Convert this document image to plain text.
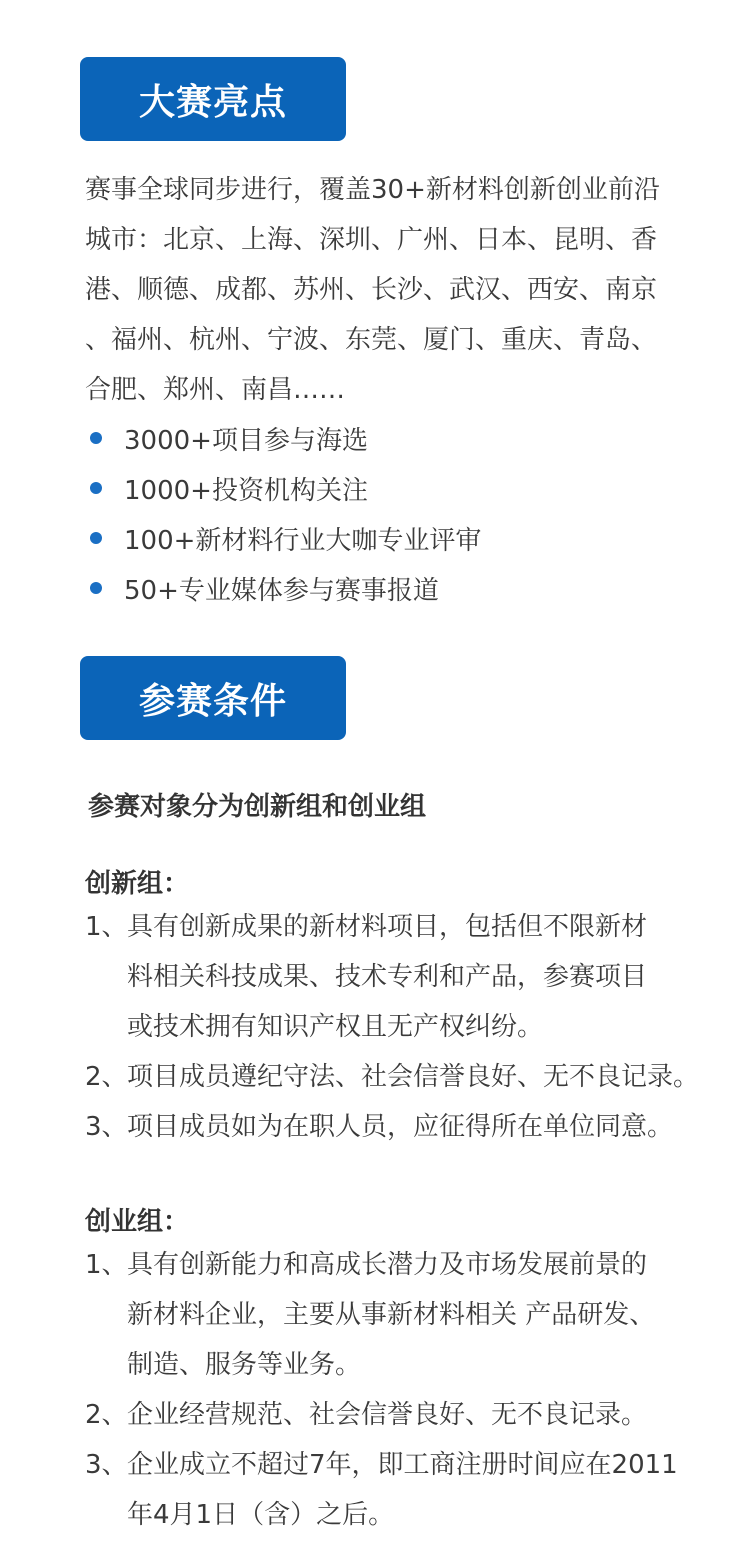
大赛亮点
赛事全球同步进行，覆盖30+新材料创新创业前沿
城市：北京、上海、深圳、广州、日本、昆明、香
港、顺德、成都、苏州、长沙、武汉、西安、南京
、福州、杭州、宁波、东莞、厦门、重庆、青岛、
合肥、郑州、南昌……
3000+项目参与海选
1000+投资机构关注
100+新材料行业大咖专业评审
50+专业媒体参与赛事报道
参赛条件
参赛对象分为创新组和创业组
创新组：
1、 具有创新成果的新材料项目，包括但不限新材
料相关科技成果、技术专利和产品，参赛项目
或技术拥有知识产权且无产权纠纷。
2、 项目成员遵纪守法、社会信誉良好、无不良记录。
3、 项目成员如为在职人员，应征得所在单位同意。
创业组：
1、 具有创新能力和高成长潜力及市场发展前景的
新材料企业，主要从事新材料相关 产品研发、
制造、服务等业务。
2、 企业经营规范、社会信誉良好、无不良记录。
3、 企业成立不超过7年，即工商注册时间应在2011
年4月1日（含）之后。
